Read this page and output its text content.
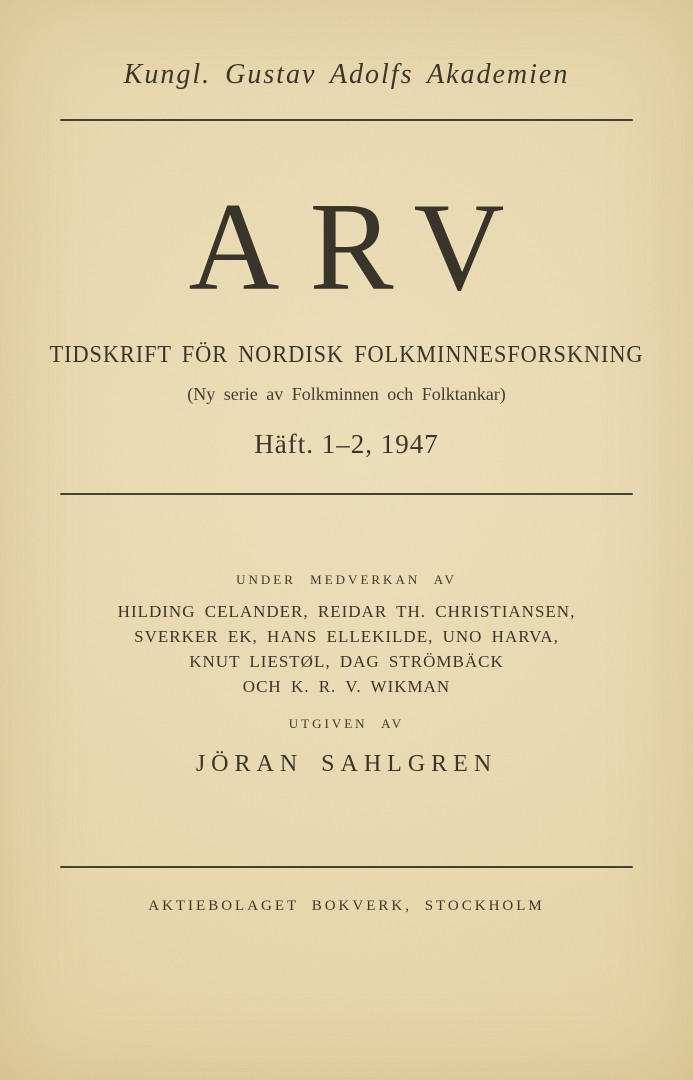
Kungl. Gustav Adolfs Akademien
ARV
TIDSKRIFT FÖR NORDISK FOLKMINNESFORSKNING
(Ny serie av Folkminnen och Folktankar)
Häft. 1–2, 1947
UNDER MEDVERKAN AV
HILDING CELANDER, REIDAR TH. CHRISTIANSEN,
SVERKER EK, HANS ELLEKILDE, UNO HARVA,
KNUT LIESTØL, DAG STRÖMBÄCK
OCH K. R. V. WIKMAN
UTGIVEN AV
JÖRAN SAHLGREN
AKTIEBOLAGET BOKVERK, STOCKHOLM
